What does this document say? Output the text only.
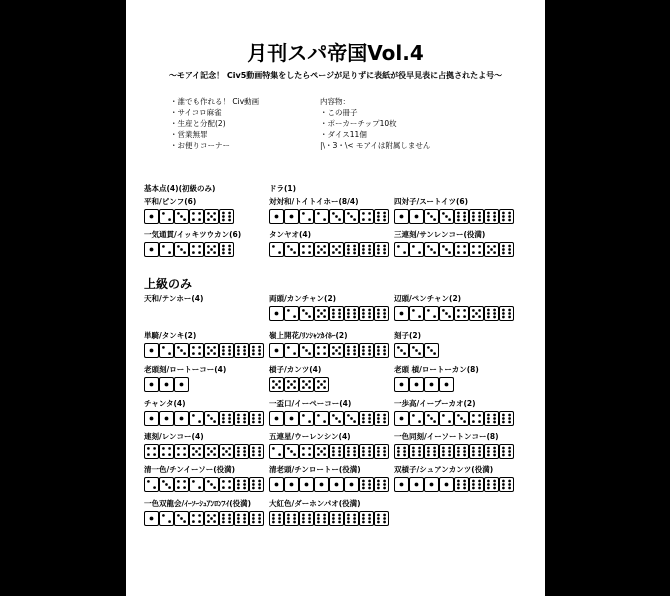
月刊スパ帝国Vol.4
～モアイ記念！ Civ5動画特集をしたらページが足りずに表紙が役早見表に占拠されたよ号～
・誰でも作れる！ Civ動画
・サイコロ麻雀
・生産と分配(2)
・営業無罪
・お便りコーナー
内容物：
・この冊子
・ポーカーチップ10枚
・ダイス11個
|\・З・\< モアイは附属しません
基本点(4)(初級のみ)	ドラ(1)
上級のみ
平和/ピンフ(6)	対対和/トイトイホー(8/4)	四対子/スートイツ(6)
一気通貫/イッキツウカン(6)	タンヤオ(4)	三連刻/サンレンコー(役満)
天和/テンホー(4)	両頭/カンチャン(2)	辺頭/ペンチャン(2)
単騎/タンキ(2)	嶺上開花/ﾘﾝｼｬﾝｶｲﾎｰ(2)	刻子(2)
老頭刻/ロートーコー(4)	槓子/カンツ(4)	老頭 槓/ロートーカン(8)
チャンタ(4)	一盃口/イーペーコー(4)	一歩高/イーブーカオ(2)
連刻/レンコー(4)	五連星/ウーレンシン(4)	一色同刻/イーソートンコー(8)
清一色/チンイーソー(役満)	清老頭/チンロートー(役満)	双槓子/シュアンカンツ(役満)
一色双龍会/ｲｰｿｰｼｭｱﾝﾛﾝﾌｲ(役満) 大紅色/ダーホンパオ(役満)
